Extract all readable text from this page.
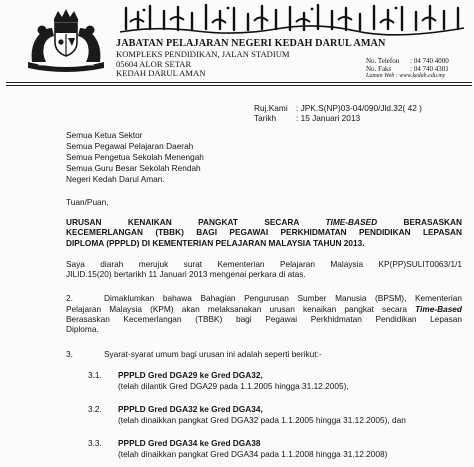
جابتن ڤلاجرن نڬري قدح دار الامان
JABATAN PELAJARAN NEGERI KEDAH DARUL AMAN
KOMPLEKS PENDIDIKAN, JALAN STADIUM
05604 ALOR SETAR
KEDAH DARUL AMAN
No. Telefon : 04 740 4000
No. Faks	: 04 740 4301
Laman Web : www.kedah.edu.my
Ruj.Kami : JPK.S(NP)03-04/090/Jld.32( 42 )
Tarikh : 15 Januari 2013
Semua Ketua Sektor
Semua Pegawai Pelajaran Daerah
Semua Pengetua Sekolah Menengah
Semua Guru Besar Sekolah Rendah
Negeri Kedah Darul Aman.
Tuan/Puan,
URUSAN	KENAIKAN	PANGKAT	SECARA	TIME-BASED	BERASASKAN
KECEMERLANGAN (TBBK) BAGI PEGAWAI PERKHIDMATAN PENDIDIKAN LEPASAN
DIPLOMA (PPPLD) DI KEMENTERIAN PELAJARAN MALAYSIA TAHUN 2013.
Saya diarah merujuk surat Kementerian Pelajaran Malaysia KP(PP)SULIT0063/1/1
JILID.15(20) bertarikh 11 Januari 2013 mengenai perkara di atas.
2.	Dimaklumkan bahawa Bahagian Pengurusan Sumber Manusia (BPSM), Kementerian
Pelajaran Malaysia (KPM) akan melaksanakan urusan kenaikan pangkat secara Time-Based
Berasaskan Kecemerlangan (TBBK) bagi Pegawai Perkhidmatan Pendidikan Lepasan
Diploma.
3.	Syarat-syarat umum bagi urusan ini adalah seperti berikut:-
3.1. PPPLD Gred DGA29 ke Gred DGA32,
(telah dilantik Gred DGA29 pada 1.1.2005 hingga 31.12.2005),
3.2. PPPLD Gred DGA32 ke Gred DGA34,
(telah dinaikkan pangkat Gred DGA32 pada 1.1.2005 hingga 31.12.2005), dan
3.3. PPPLD Gred DGA34 ke Gred DGA38
(telah dinaikkan pangkat Gred DGA34 pada 1.1.2008 hingga 31.12.2008)
